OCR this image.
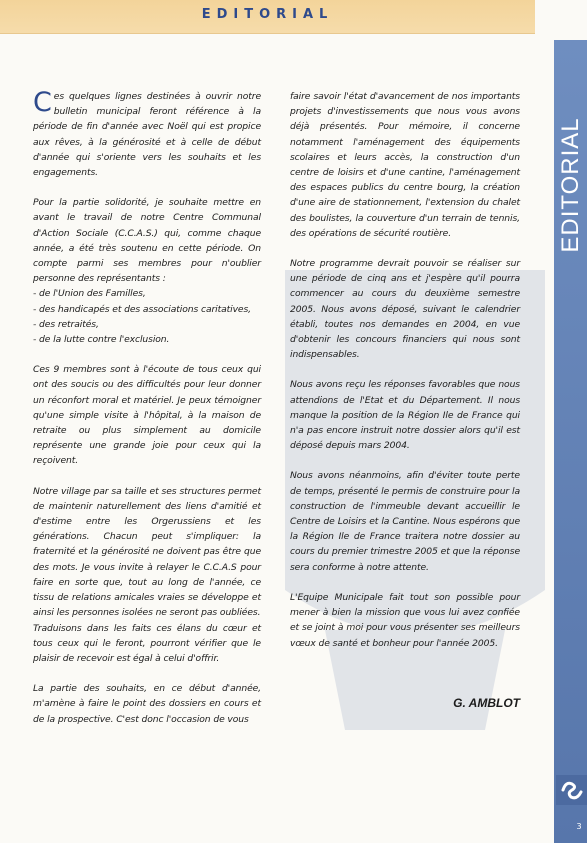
EDITORIAL
EDITORIAL
3

Ces quelques lignes destinées à ouvrir notre bulletin municipal feront référence à la période de fin d'année avec Noël qui est propice aux rêves, à la générosité et à celle de début d'année qui s'oriente vers les souhaits et les engagements.

Pour la partie solidorité, je souhaite mettre en avant le travail de notre Centre Communal d'Action Sociale (C.C.A.S.) qui, comme chaque année, a été très soutenu en cette période. On compte parmi ses membres pour n'oublier personne des représentants :

- de l'Union des Familles,
- des handicapés et des associations caritatives,
- des retraités,
- de la lutte contre l'exclusion.

Ces 9 membres sont à l'écoute de tous ceux qui ont des soucis ou des difficultés pour leur donner un réconfort moral et matériel. Je peux témoigner qu'une simple visite à l'hôpital, à la maison de retraite ou plus simplement au domicile représente une grande joie pour ceux qui la reçoivent.

Notre village par sa taille et ses structures permet de maintenir naturellement des liens d'amitié et d'estime entre les Orgerussiens et les générations. Chacun peut s'impliquer: la fraternité et la générosité ne doivent pas être que des mots. Je vous invite à relayer le C.C.A.S pour faire en sorte que, tout au long de l'année, ce tissu de relations amicales vraies se développe et ainsi les personnes isolées ne seront pas oubliées.

Traduisons dans les faits ces élans du cœur et tous ceux qui le feront, pourront vérifier que le plaisir de recevoir est égal à celui d'offrir.

La partie des souhaits, en ce début d'année, m'amène à faire le point des dossiers en cours et de la prospective. C'est donc l'occasion de vous

faire savoir l'état d'avancement de nos importants projets d'investissements que nous vous avons déjà présentés. Pour mémoire, il concerne notamment l'aménagement des équipements scolaires et leurs accès, la construction d'un centre de loisirs et d'une cantine, l'aménagement des espaces publics du centre bourg, la création d'une aire de stationnement, l'extension du chalet des boulistes, la couverture d'un terrain de tennis, des opérations de sécurité routière.

Notre programme devrait pouvoir se réaliser sur une période de cinq ans et j'espère qu'il pourra commencer au cours du deuxième semestre 2005. Nous avons déposé, suivant le calendrier établi, toutes nos demandes en 2004, en vue d'obtenir les concours financiers qui nous sont indispensables.

Nous avons reçu les réponses favorables que nous attendions de l'Etat et du Département. Il nous manque la position de la Région Ile de France qui n'a pas encore instruit notre dossier alors qu'il est déposé depuis mars 2004.

Nous avons néanmoins, afin d'éviter toute perte de temps, présenté le permis de construire pour la construction de l'immeuble devant accueillir le Centre de Loisirs et la Cantine. Nous espérons que la Région Ile de France traitera notre dossier au cours du premier trimestre 2005 et que la réponse sera conforme à notre attente.

L'Equipe Municipale fait tout son possible pour mener à bien la mission que vous lui avez confiée et se joint à moi pour vous présenter ses meilleurs vœux de santé et bonheur pour l'année 2005.

G. AMBLOT
